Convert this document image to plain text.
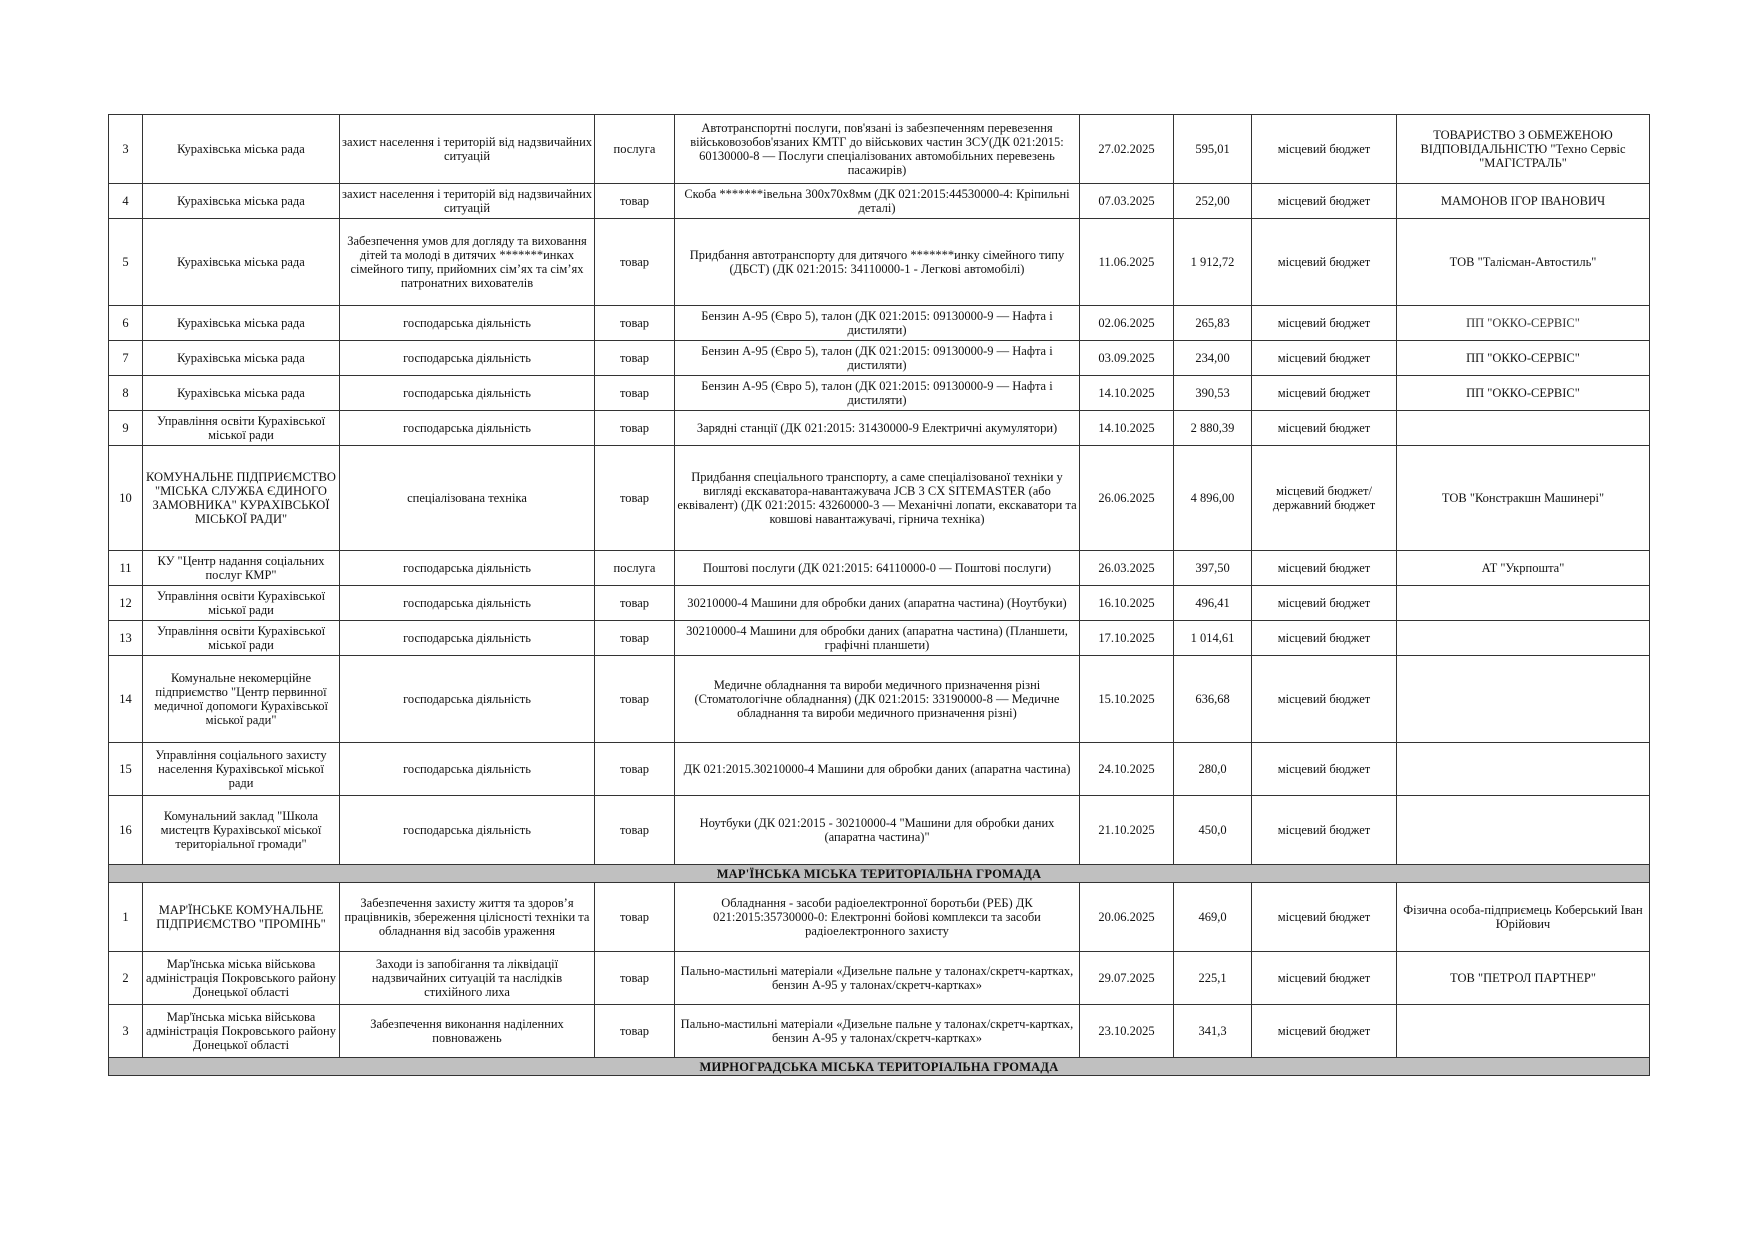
3	Курахівська міська рада	захист населення і територій від надзвичайних ситуацій	послуга	Автотранспортні послуги, пов'язані із забезпеченням перевезення військовозобов'язаних КМТГ до військових частин ЗСУ(ДК 021:2015: 60130000-8 — Послуги спеціалізованих автомобільних перевезень пасажирів)	27.02.2025	595,01	місцевий бюджет	ТОВАРИСТВО З ОБМЕЖЕНОЮ ВІДПОВІДАЛЬНІСТЮ "Техно Сервіс "МАГІСТРАЛЬ"
4	Курахівська міська рада	захист населення і територій від надзвичайних ситуацій	товар	Скоба *******івельна 300х70х8мм (ДК 021:2015:44530000-4: Кріпильні деталі)	07.03.2025	252,00	місцевий бюджет	МАМОНОВ ІГОР ІВАНОВИЧ
5	Курахівська міська рада	Забезпечення умов для догляду та виховання дітей та молоді в дитячих *******инках сімейного типу, прийомних сім’ях та сім’ях патронатних вихователів	товар	Придбання автотранспорту для дитячого *******инку сімейного типу (ДБСТ) (ДК 021:2015: 34110000-1 - Легкові автомобілі)	11.06.2025	1 912,72	місцевий бюджет	ТОВ "Талісман-Автостиль"
6	Курахівська міська рада	господарська діяльність	товар	Бензин А-95 (Євро 5), талон (ДК 021:2015: 09130000-9 — Нафта і дистиляти)	02.06.2025	265,83	місцевий бюджет	ПП "ОККО-СЕРВІС"
7	Курахівська міська рада	господарська діяльність	товар	Бензин А-95 (Євро 5), талон (ДК 021:2015: 09130000-9 — Нафта і дистиляти)	03.09.2025	234,00	місцевий бюджет	ПП "ОККО-СЕРВІС"
8	Курахівська міська рада	господарська діяльність	товар	Бензин А-95 (Євро 5), талон (ДК 021:2015: 09130000-9 — Нафта і дистиляти)	14.10.2025	390,53	місцевий бюджет	ПП "ОККО-СЕРВІС"
9	Управління освіти Курахівської міської ради	господарська діяльність	товар	Зарядні станції (ДК 021:2015: 31430000-9 Електричні акумулятори)	14.10.2025	2 880,39	місцевий бюджет	
10	КОМУНАЛЬНЕ ПІДПРИЄМСТВО "МІСЬКА СЛУЖБА ЄДИНОГО ЗАМОВНИКА" КУРАХІВСЬКОЇ МІСЬКОЇ РАДИ"	спеціалізована техніка	товар	Придбання спеціального транспорту, а саме спеціалізованої техніки у вигляді екскаватора-навантажувача JCB 3 CX SITEMASTER (або еквівалент) (ДК 021:2015: 43260000-3 — Механічні лопати, екскаватори та ковшові навантажувачі, гірнича техніка)	26.06.2025	4 896,00	місцевий бюджет/державний бюджет	ТОВ "Констракшн Машинері"
11	КУ "Центр надання соціальних послуг КМР"	господарська діяльність	послуга	Поштові послуги (ДК 021:2015: 64110000-0 — Поштові послуги)	26.03.2025	397,50	місцевий бюджет	АТ "Укрпошта"
12	Управління освіти Курахівської міської ради	господарська діяльність	товар	30210000-4 Машини для обробки даних (апаратна частина) (Ноутбуки)	16.10.2025	496,41	місцевий бюджет	
13	Управління освіти Курахівської міської ради	господарська діяльність	товар	30210000-4 Машини для обробки даних (апаратна частина) (Планшети, графічні планшети)	17.10.2025	1 014,61	місцевий бюджет	
14	Комунальне некомерційне підприємство "Центр первинної медичної допомоги Курахівської міської ради"	господарська діяльність	товар	Медичне обладнання та вироби медичного призначення різні (Стоматологічне обладнання) (ДК 021:2015: 33190000-8 — Медичне обладнання та вироби медичного призначення різні)	15.10.2025	636,68	місцевий бюджет	
15	Управління соціального захисту населення Курахівської міської ради	господарська діяльність	товар	ДК 021:2015.30210000-4 Машини для обробки даних (апаратна частина)	24.10.2025	280,0	місцевий бюджет	
16	Комунальний заклад "Школа мистецтв Курахівської міської територіальної громади"	господарська діяльність	товар	Ноутбуки (ДК 021:2015 - 30210000-4 "Машини для обробки даних (апаратна частина)"	21.10.2025	450,0	місцевий бюджет	
МАР'ЇНСЬКА МІСЬКА ТЕРИТОРІАЛЬНА ГРОМАДА								
1	МАР'ЇНСЬКЕ КОМУНАЛЬНЕ ПІДПРИЄМСТВО "ПРОМІНЬ"	Забезпечення захисту життя та здоров’я працівників, збереження цілісності техніки та обладнання від засобів ураження	товар	Обладнання - засоби радіоелектронної боротьби (РЕБ) ДК 021:2015:35730000-0: Електронні бойові комплекси та засоби радіоелектронного захисту	20.06.2025	469,0	місцевий бюджет	Фізична особа-підприємець Коберський Іван Юрійович
2	Мар'їнська міська військова адміністрація Покровського району Донецької області	Заходи із запобігання та ліквідації надзвичайних ситуацій та наслідків стихійного лиха	товар	Пально-мастильні матеріали «Дизельне пальне у талонах/скретч-картках, бензин А-95 у талонах/скретч-картках»	29.07.2025	225,1	місцевий бюджет	ТОВ "ПЕТРОЛ ПАРТНЕР"
3	Мар'їнська міська військова адміністрація Покровського району Донецької області	Забезпечення виконання наділенних повноважень	товар	Пально-мастильні матеріали «Дизельне пальне у талонах/скретч-картках, бензин А-95 у талонах/скретч-картках»	23.10.2025	341,3	місцевий бюджет	
МИРНОГРАДСЬКА МІСЬКА ТЕРИТОРІАЛЬНА ГРОМАДА								
